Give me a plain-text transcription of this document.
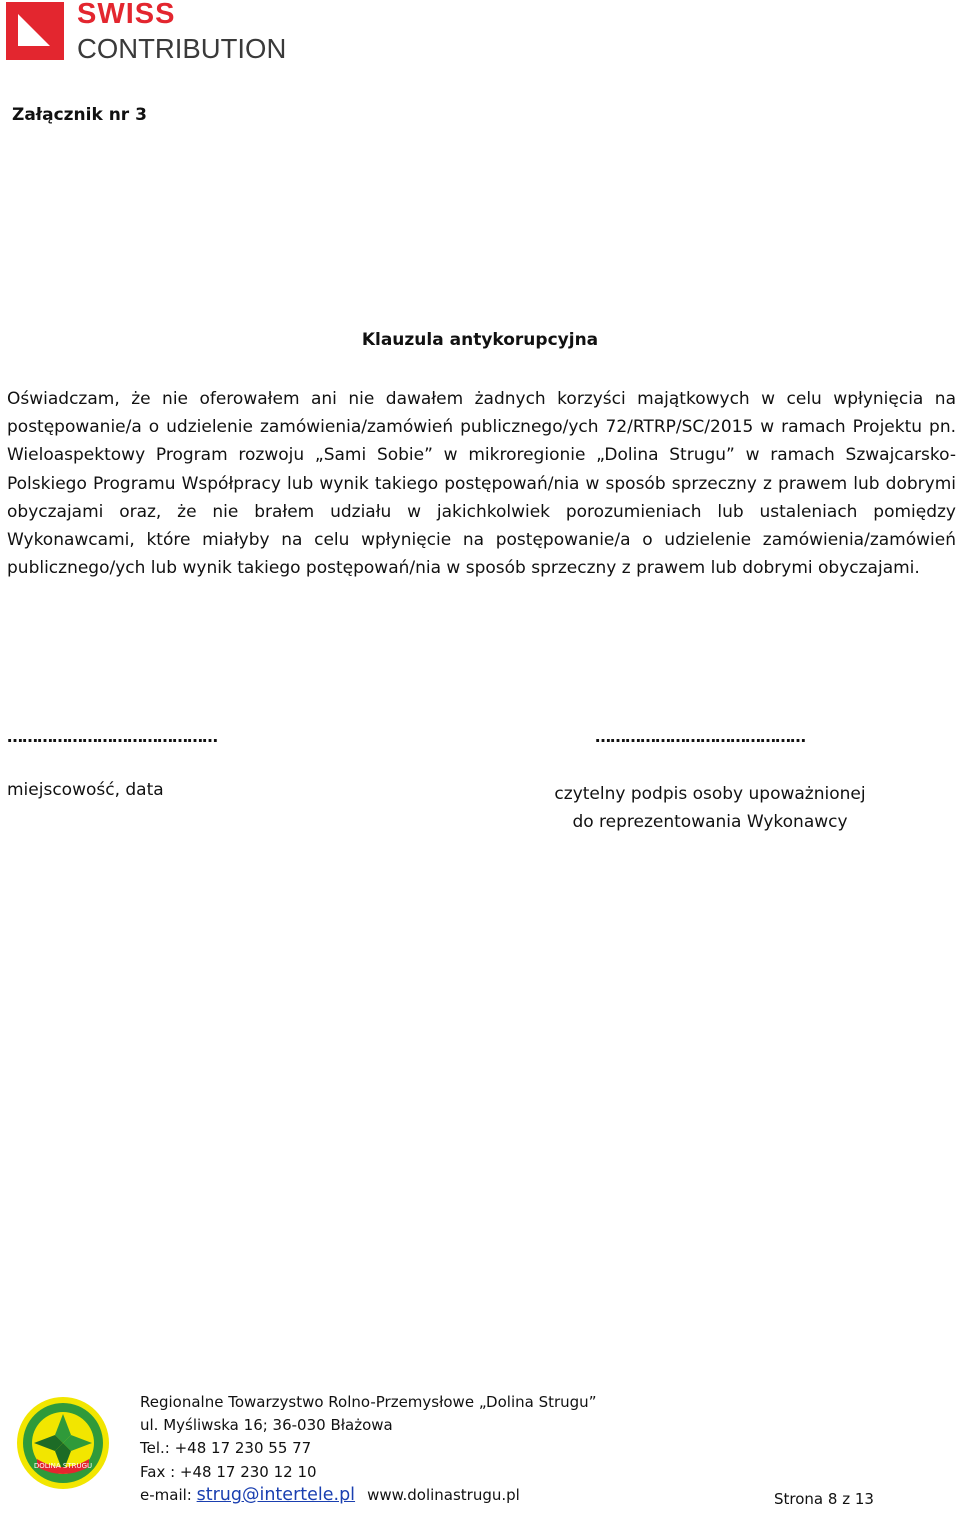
SWISS
CONTRIBUTION
Załącznik nr 3
Klauzula antykorupcyjna

Oświadczam, że nie oferowałem ani nie dawałem żadnych korzyści majątkowych w celu wpłynięcia na postępowanie/a o udzielenie zamówienia/zamówień publicznego/ych 72/RTRP/SC/2015 w ramach Projektu pn. Wieloaspektowy Program rozwoju „Sami Sobie” w mikroregionie „Dolina Strugu” w ramach Szwajcarsko-Polskiego Programu Współpracy lub wynik takiego postępowań/nia w sposób sprzeczny z prawem lub dobrymi obyczajami oraz, że nie brałem udziału w jakichkolwiek porozumieniach lub ustaleniach pomiędzy Wykonawcami, które miałyby na celu wpłynięcie na postępowanie/a o udzielenie zamówienia/zamówień publicznego/ych lub wynik takiego postępowań/nia w sposób sprzeczny z prawem lub dobrymi obyczajami.

……………………………………	……………………………………
miejscowość, data	czytelny podpis osoby upoważnionej
do reprezentowania Wykonawcy
DOLINA STRUGU
Regionalne Towarzystwo Rolno-Przemysłowe „Dolina Strugu”
ul. Myśliwska 16; 36-030 Błażowa
Tel.: +48 17 230 55 77
Fax : +48 17 230 12 10
e-mail: strug@intertele.pl www.dolinastrugu.pl	Strona 8 z 13
